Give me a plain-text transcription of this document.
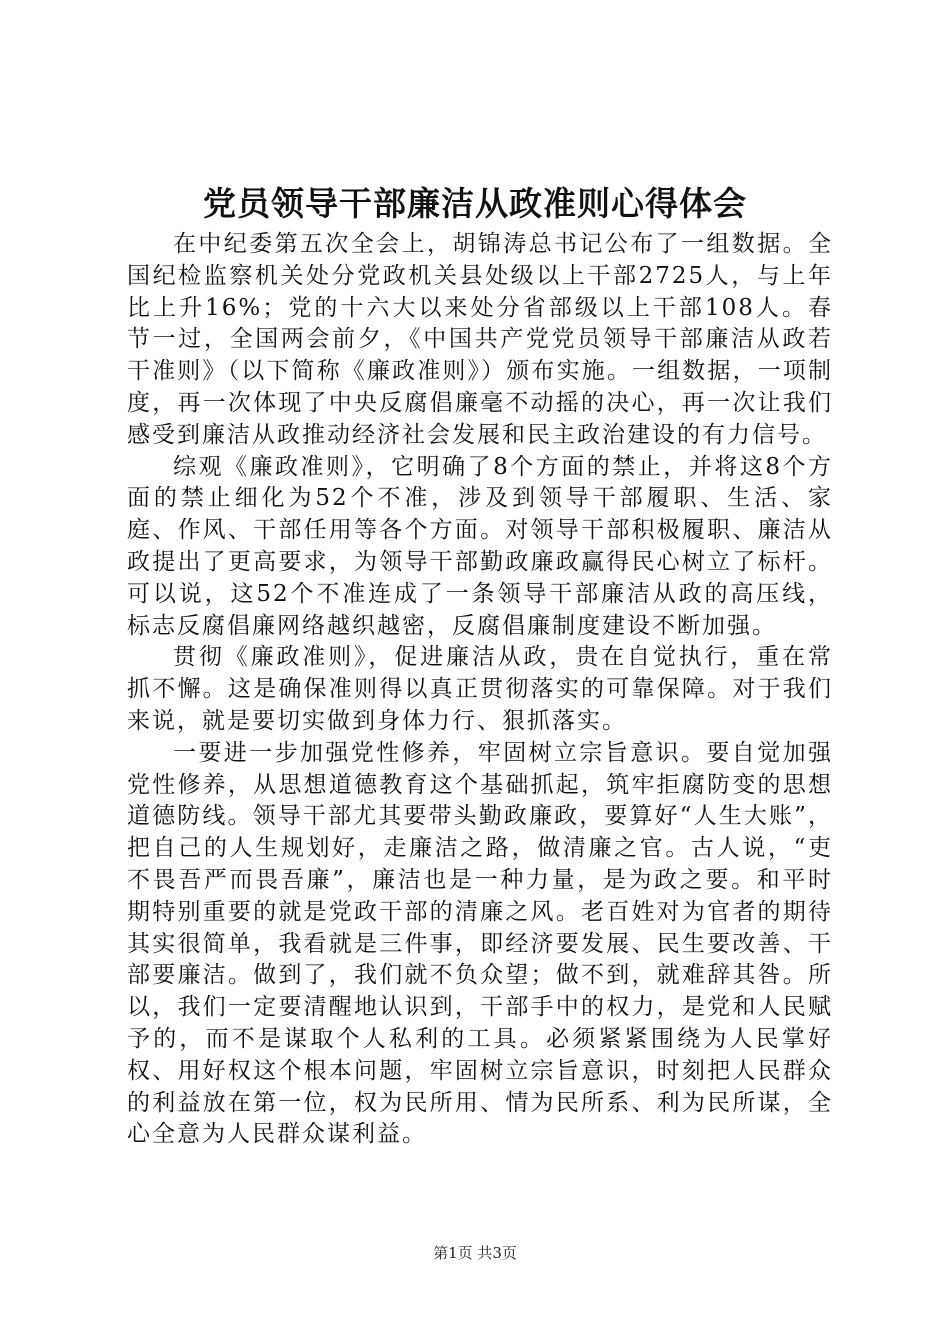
党员领导干部廉洁从政准则心得体会

在中纪委第五次全会上，胡锦涛总书记公布了一组数据。全国纪检监察机关处分党政机关县处级以上干部2725人，与上年比上升16%；党的十六大以来处分省部级以上干部108人。春节一过，全国两会前夕，《中国共产党党员领导干部廉洁从政若干准则》（以下简称《廉政准则》）颁布实施。一组数据，一项制度，再一次体现了中央反腐倡廉毫不动摇的决心，再一次让我们感受到廉洁从政推动经济社会发展和民主政治建设的有力信号。

综观《廉政准则》，它明确了8个方面的禁止，并将这8个方面的禁止细化为52个不准，涉及到领导干部履职、生活、家庭、作风、干部任用等各个方面。对领导干部积极履职、廉洁从政提出了更高要求，为领导干部勤政廉政赢得民心树立了标杆。可以说，这52个不准连成了一条领导干部廉洁从政的高压线，标志反腐倡廉网络越织越密，反腐倡廉制度建设不断加强。

贯彻《廉政准则》，促进廉洁从政，贵在自觉执行，重在常抓不懈。这是确保准则得以真正贯彻落实的可靠保障。对于我们来说，就是要切实做到身体力行、狠抓落实。

一要进一步加强党性修养，牢固树立宗旨意识。要自觉加强党性修养，从思想道德教育这个基础抓起，筑牢拒腐防变的思想道德防线。领导干部尤其要带头勤政廉政，要算好“人生大账”，把自己的人生规划好，走廉洁之路，做清廉之官。古人说，“吏不畏吾严而畏吾廉”，廉洁也是一种力量，是为政之要。和平时期特别重要的就是党政干部的清廉之风。老百姓对为官者的期待其实很简单，我看就是三件事，即经济要发展、民生要改善、干部要廉洁。做到了，我们就不负众望；做不到，就难辞其咎。所以，我们一定要清醒地认识到，干部手中的权力，是党和人民赋予的，而不是谋取个人私利的工具。必须紧紧围绕为人民掌好权、用好权这个根本问题，牢固树立宗旨意识，时刻把人民群众的利益放在第一位，权为民所用、情为民所系、利为民所谋，全心全意为人民群众谋利益。

第1页 共3页
